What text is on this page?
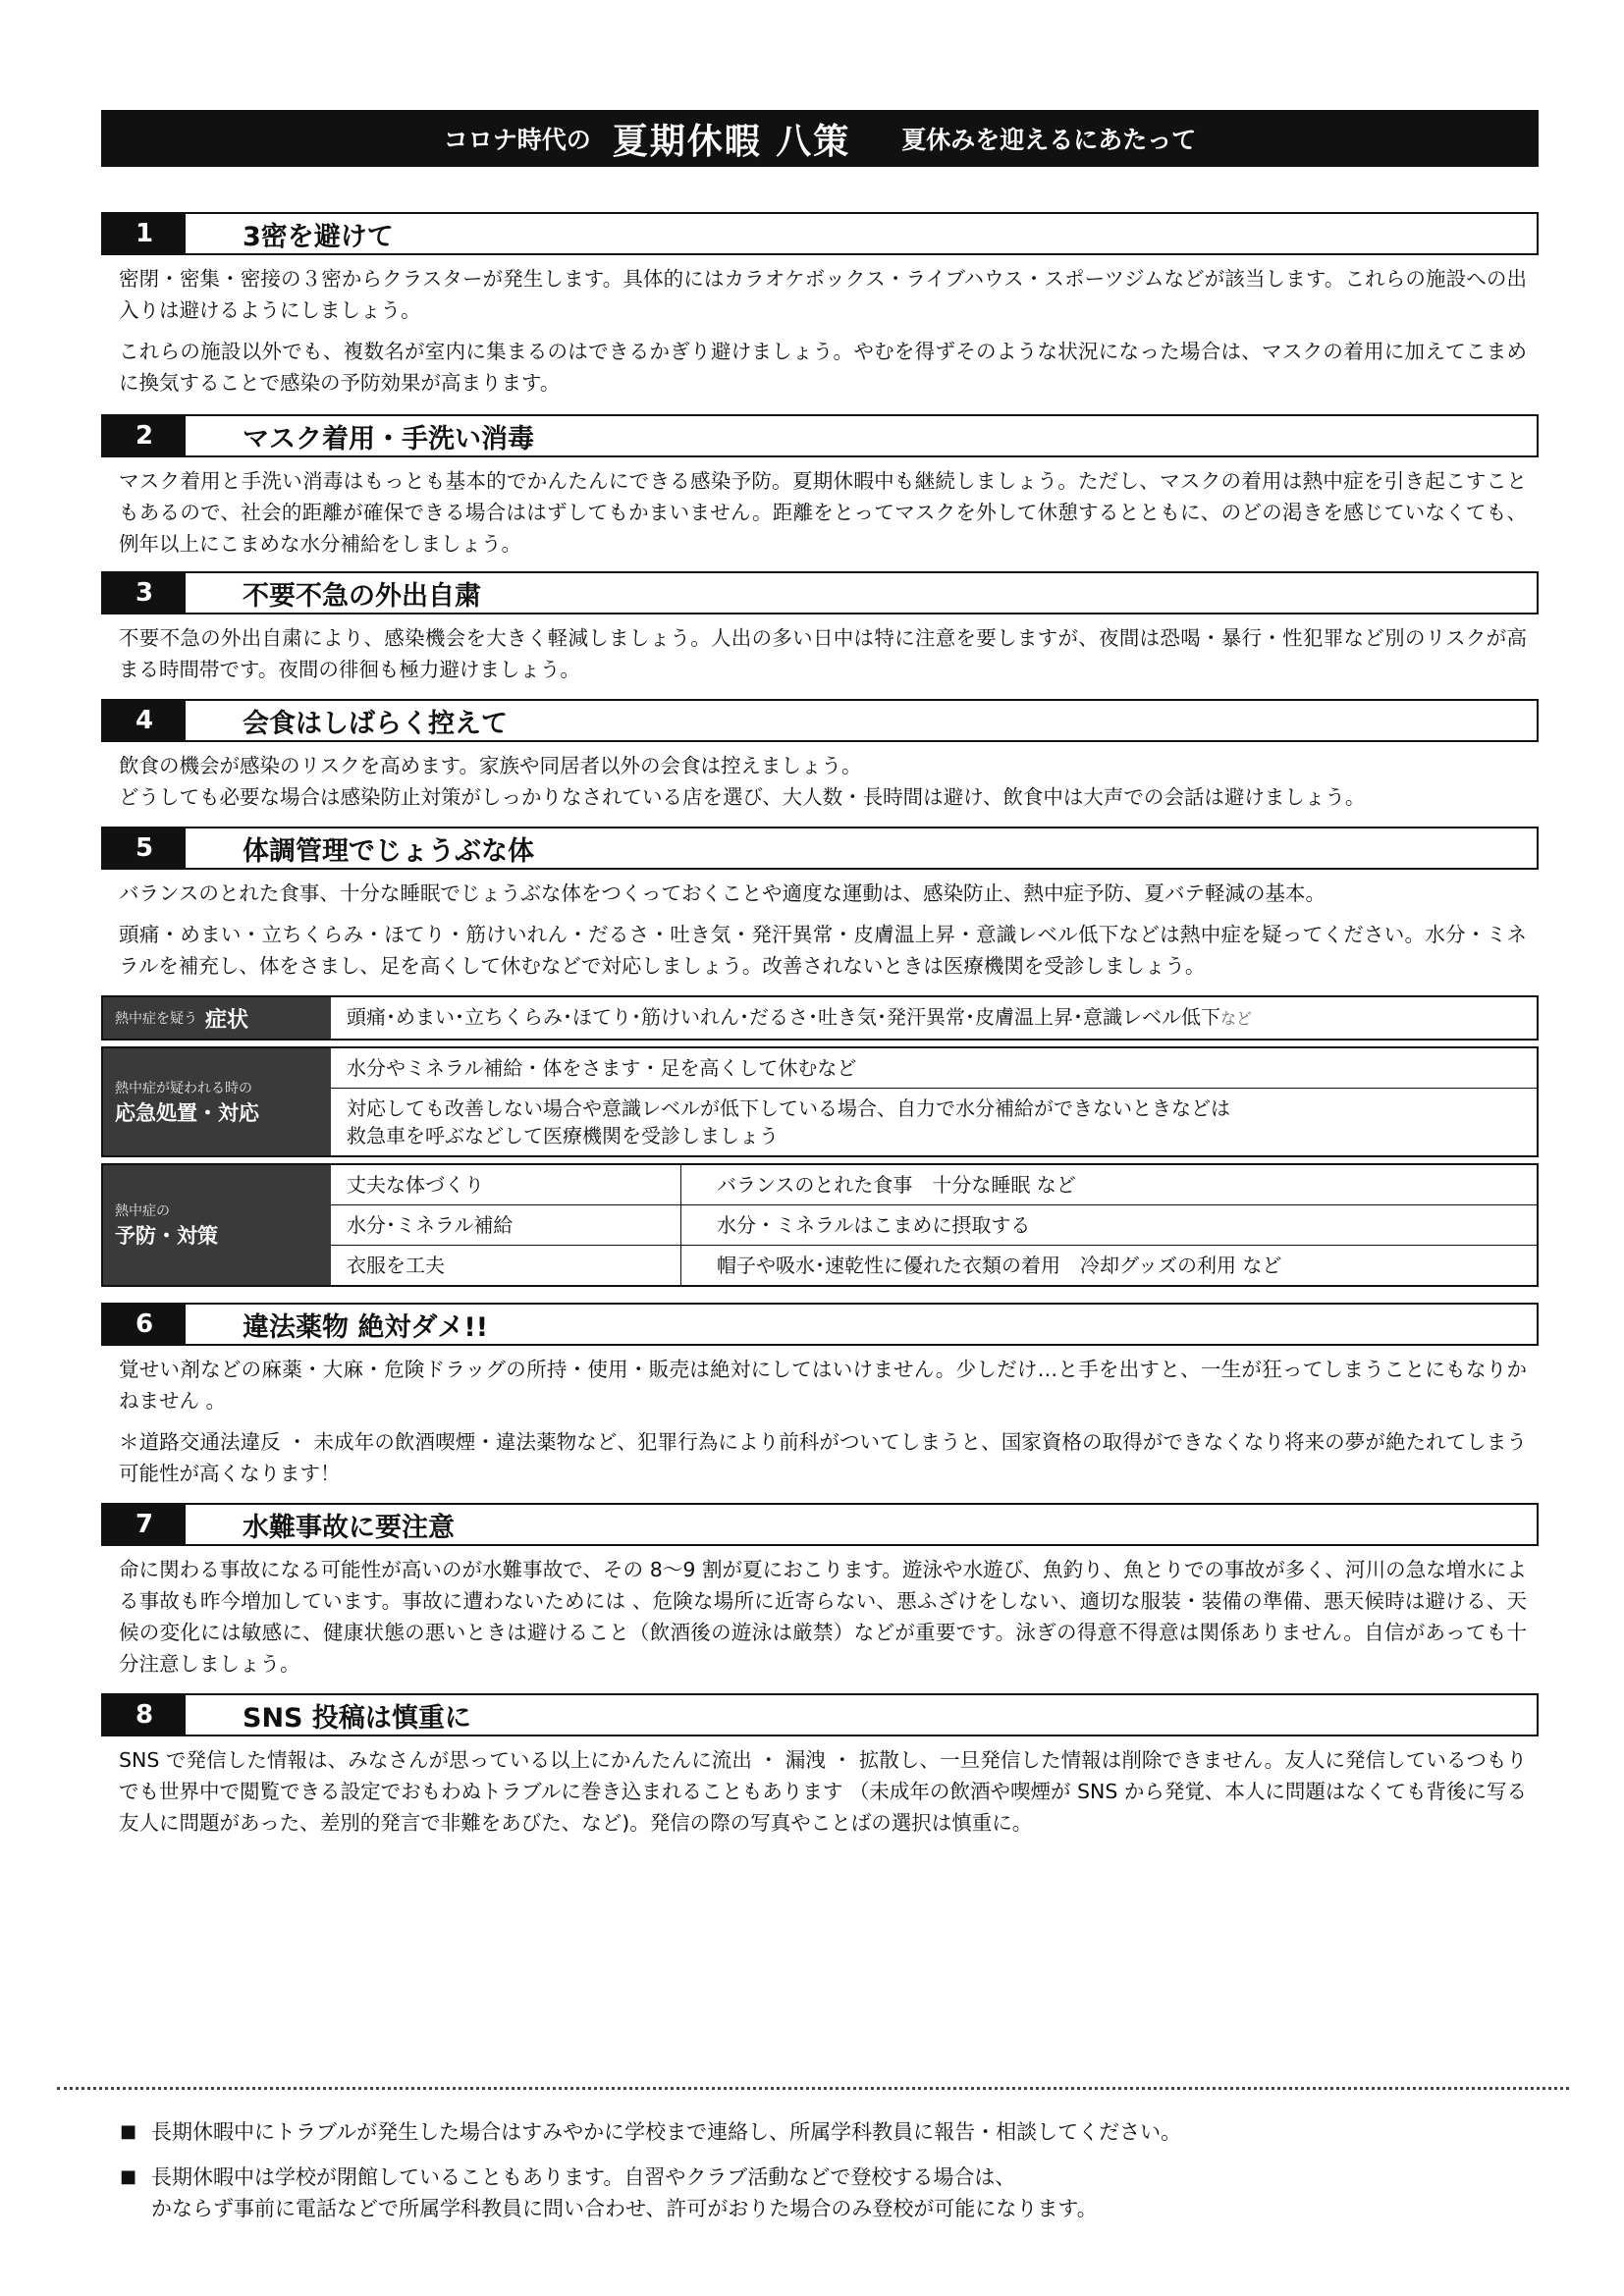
コロナ時代の 夏期休暇 八策 夏休みを迎えるにあたって
1	3密を避けて
密閉・密集・密接の３密からクラスターが発生します。具体的にはカラオケボックス・ライブハウス・スポーツジムなどが該当します。これらの施設への出入りは避けるようにしましょう。
これらの施設以外でも、複数名が室内に集まるのはできるかぎり避けましょう。やむを得ずそのような状況になった場合は、マスクの着用に加えてこまめに換気することで感染の予防効果が高まります。
2	マスク着用・手洗い消毒
マスク着用と手洗い消毒はもっとも基本的でかんたんにできる感染予防。夏期休暇中も継続しましょう。ただし、マスクの着用は熱中症を引き起こすこともあるので、社会的距離が確保できる場合ははずしてもかまいません。距離をとってマスクを外して休憩するとともに、のどの渇きを感じていなくても、例年以上にこまめな水分補給をしましょう。
3	不要不急の外出自粛
不要不急の外出自粛により、感染機会を大きく軽減しましょう。人出の多い日中は特に注意を要しますが、夜間は恐喝・暴行・性犯罪など別のリスクが高まる時間帯です。夜間の徘徊も極力避けましょう。
4	会食はしばらく控えて
飲食の機会が感染のリスクを高めます。家族や同居者以外の会食は控えましょう。
どうしても必要な場合は感染防止対策がしっかりなされている店を選び、大人数・長時間は避け、飲食中は大声での会話は避けましょう。
5	体調管理でじょうぶな体
バランスのとれた食事、十分な睡眠でじょうぶな体をつくっておくことや適度な運動は、感染防止、熱中症予防、夏バテ軽減の基本。
頭痛・めまい・立ちくらみ・ほてり・筋けいれん・だるさ・吐き気・発汗異常・皮膚温上昇・意識レベル低下などは熱中症を疑ってください。水分・ミネラルを補充し、体をさまし、足を高くして休むなどで対応しましょう。改善されないときは医療機関を受診しましょう。
熱中症を疑う 症状	頭痛･めまい･立ちくらみ･ほてり･筋けいれん･だるさ･吐き気･発汗異常･皮膚温上昇･意識レベル低下など
熱中症が疑われる時の
応急処置・対応
水分やミネラル補給・体をさます・足を高くして休むなど
対応しても改善しない場合や意識レベルが低下している場合、自力で水分補給ができないときなどは
救急車を呼ぶなどして医療機関を受診しましょう
熱中症の
予防・対策
丈夫な体づくり	バランスのとれた食事　十分な睡眠 など
水分･ミネラル補給	水分・ミネラルはこまめに摂取する
衣服を工夫	帽子や吸水･速乾性に優れた衣類の着用　冷却グッズの利用 など
6	違法薬物 絶対ダメ!!
覚せい剤などの麻薬・大麻・危険ドラッグの所持・使用・販売は絶対にしてはいけません。少しだけ…と手を出すと、一生が狂ってしまうことにもなりかねません 。
＊道路交通法違反 ・ 未成年の飲酒喫煙・違法薬物など、犯罪行為により前科がついてしまうと、国家資格の取得ができなくなり将来の夢が絶たれてしまう可能性が高くなります！
7	水難事故に要注意
命に関わる事故になる可能性が高いのが水難事故で、その 8～9 割が夏におこります。遊泳や水遊び、魚釣り、魚とりでの事故が多く、河川の急な増水による事故も昨今増加しています。事故に遭わないためには 、危険な場所に近寄らない、悪ふざけをしない、適切な服装・装備の準備、悪天候時は避ける、天候の変化には敏感に、健康状態の悪いときは避けること（飲酒後の遊泳は厳禁）などが重要です。泳ぎの得意不得意は関係ありません。自信があっても十分注意しましょう。
8	SNS 投稿は慎重に
SNS で発信した情報は、みなさんが思っている以上にかんたんに流出 ・ 漏洩 ・ 拡散し、一旦発信した情報は削除できません。友人に発信しているつもりでも世界中で閲覧できる設定でおもわぬトラブルに巻き込まれることもあります （未成年の飲酒や喫煙が SNS から発覚、本人に問題はなくても背後に写る友人に問題があった、差別的発言で非難をあびた、など)。発信の際の写真やことばの選択は慎重に。
■ 長期休暇中にトラブルが発生した場合はすみやかに学校まで連絡し、所属学科教員に報告・相談してください。
■ 長期休暇中は学校が閉館していることもあります。自習やクラブ活動などで登校する場合は、
かならず事前に電話などで所属学科教員に問い合わせ、許可がおりた場合のみ登校が可能になります。
